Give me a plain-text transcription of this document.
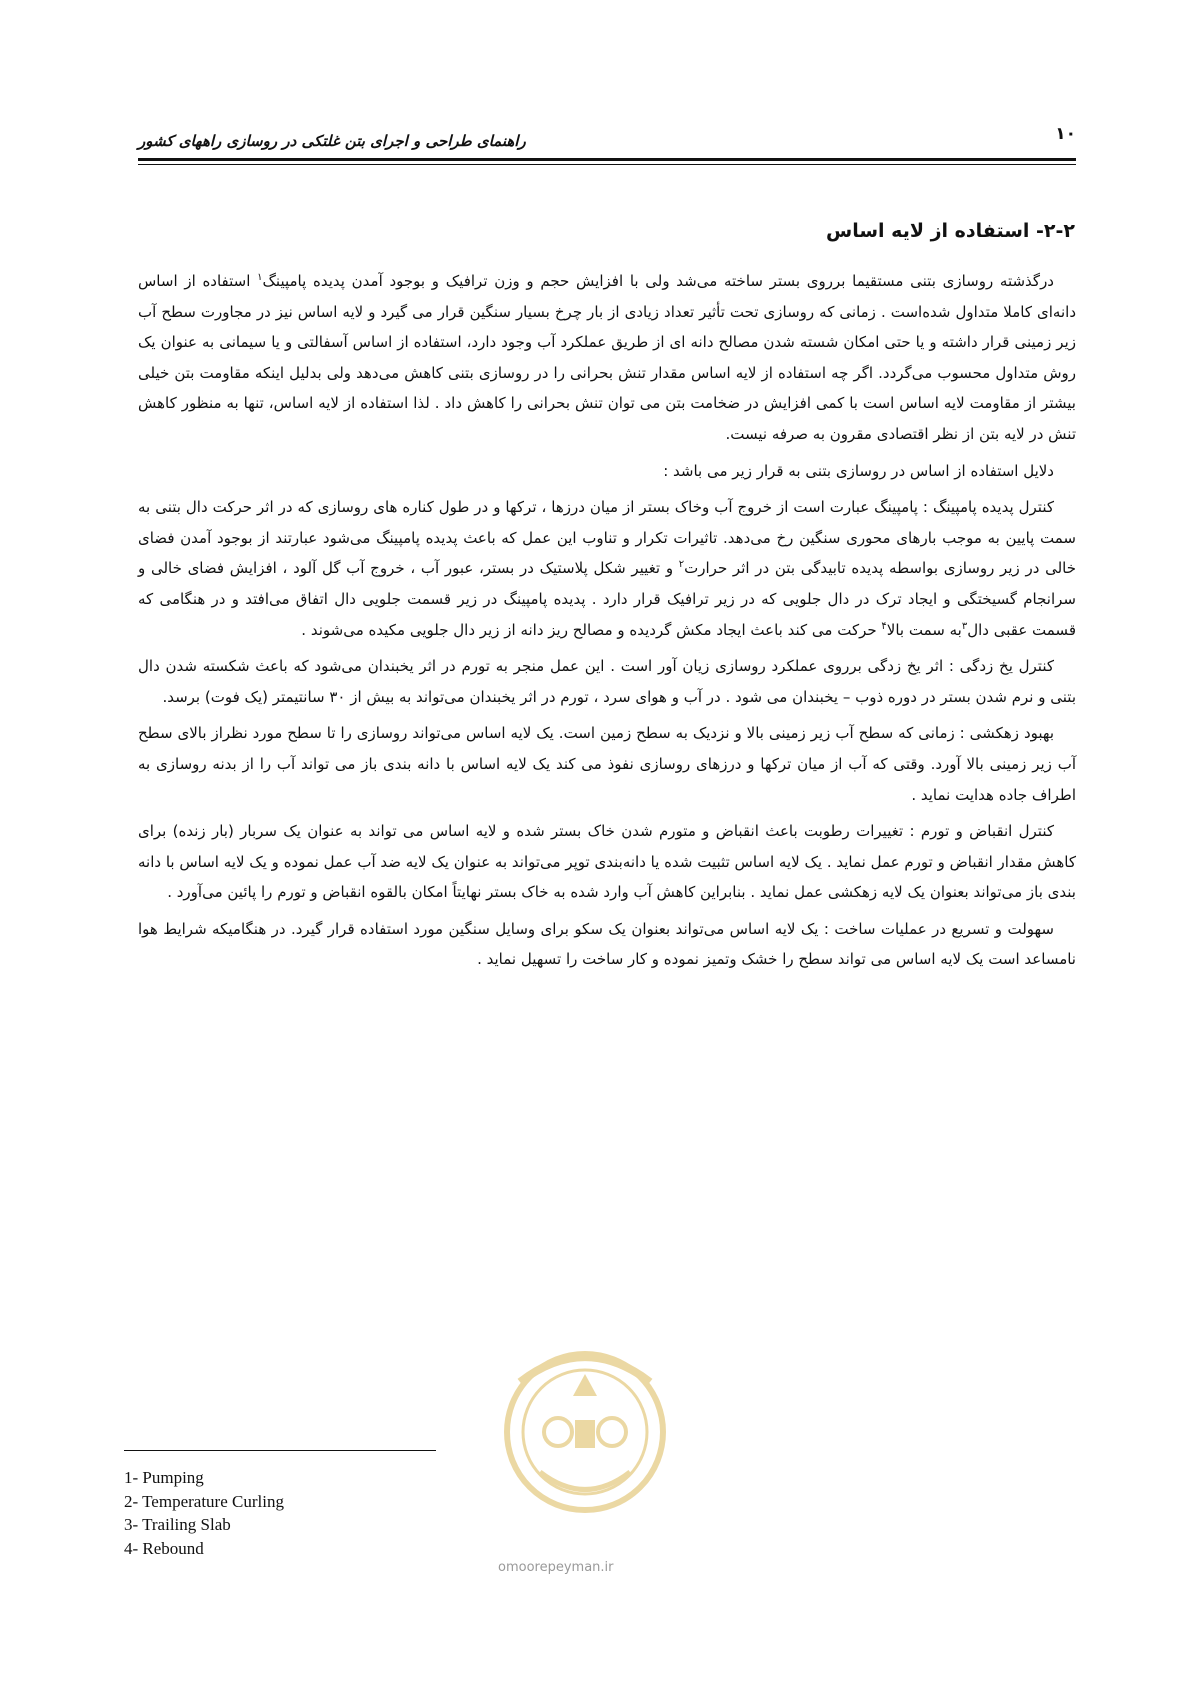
۱۰
راهنمای طراحی و اجرای بتن غلتکی در روسازی راههای کشور
۲-۲- استفاده از لایه اساس

درگذشته روسازی بتنی مستقیما برروی بستر ساخته می‌شد ولی با افزایش حجم و وزن ترافیک و بوجود آمدن پدیده پامپینگ$^۱$ استفاده از اساس دانه‌ای کاملا متداول شده‌است . زمانی که روسازی تحت تأثیر تعداد زیادی از بار چرخ بسیار سنگین قرار می گیرد و لایه اساس نیز در مجاورت سطح آب زیر زمینی قرار داشته و یا حتی امکان شسته شدن مصالح دانه ای از طریق عملکرد آب وجود دارد، استفاده از اساس آسفالتی و یا سیمانی به عنوان یک روش متداول محسوب می‌گردد. اگر چه استفاده از لایه اساس مقدار تنش بحرانی را در روسازی بتنی کاهش می‌دهد ولی بدلیل اینکه مقاومت بتن خیلی بیشتر از مقاومت لایه اساس است با کمی افزایش در ضخامت بتن می توان تنش بحرانی را کاهش داد . لذا استفاده از لایه اساس، تنها به منظور کاهش تنش در لایه بتن از نظر اقتصادی مقرون به صرفه نیست.

دلایل استفاده از اساس در روسازی بتنی به قرار زیر می باشد :

کنترل پدیده پامپینگ : پامپینگ عبارت است از خروج آب وخاک بستر از میان درزها ، ترکها و در طول کناره های روسازی که در اثر حرکت دال بتنی به سمت پایین به موجب بارهای محوری سنگین رخ می‌دهد. تاثیرات تکرار و تناوب این عمل که باعث پدیده پامپینگ می‌شود عبارتند از بوجود آمدن فضای خالی در زیر روسازی بواسطه پدیده تابیدگی بتن در اثر حرارت$^۲$ و تغییر شکل پلاستیک در بستر، عبور آب ، خروج آب گل آلود ، افزایش فضای خالی و سرانجام گسیختگی و ایجاد ترک در دال جلویی که در زیر ترافیک قرار دارد . پدیده پامپینگ در زیر قسمت جلویی دال اتفاق می‌افتد و در هنگامی که قسمت عقبی دال$^۳$به سمت بالا$^۴$ حرکت می کند باعث ایجاد مکش گردیده و مصالح ریز دانه از زیر دال جلویی مکیده می‌شوند .

کنترل یخ زدگی : اثر یخ زدگی برروی عملکرد روسازی زیان آور است . این عمل منجر به تورم در اثر یخبندان می‌شود که باعث شکسته شدن دال بتنی و نرم شدن بستر در دوره ذوب – یخبندان می شود . در آب و هوای سرد ، تورم در اثر یخبندان می‌تواند به بیش از ۳۰ سانتیمتر (یک فوت) برسد.

بهبود زهکشی : زمانی که سطح آب زیر زمینی بالا و نزدیک به سطح زمین است. یک لایه اساس می‌تواند روسازی را تا سطح مورد نظراز بالای سطح آب زیر زمینی بالا آورد. وقتی که آب از میان ترکها و درزهای روسازی نفوذ می کند یک لایه اساس با دانه بندی باز می تواند آب را از بدنه روسازی به اطراف جاده هدایت نماید .

کنترل انقباض و تورم : تغییرات رطوبت باعث انقباض و متورم شدن خاک بستر شده و لایه اساس می تواند به عنوان یک سربار (بار زنده) برای کاهش مقدار انقباض و تورم عمل نماید . یک لایه اساس تثبیت شده یا دانه‌بندی توپر می‌تواند به عنوان یک لایه ضد آب عمل نموده و یک لایه اساس با دانه بندی باز می‌تواند بعنوان یک لایه زهکشی عمل نماید . بنابراین کاهش آب وارد شده به خاک بستر نهایتاً امکان بالقوه انقباض و تورم را پائین می‌آورد .

سهولت و تسریع در عملیات ساخت : یک لایه اساس می‌تواند بعنوان یک سکو برای وسایل سنگین مورد استفاده قرار گیرد. در هنگامیکه شرایط هوا نامساعد است یک لایه اساس می تواند سطح را خشک وتمیز نموده و کار ساخت را تسهیل نماید .

omoorepeyman.ir
1- Pumping
2- Temperature Curling
3- Trailing Slab
4- Rebound
